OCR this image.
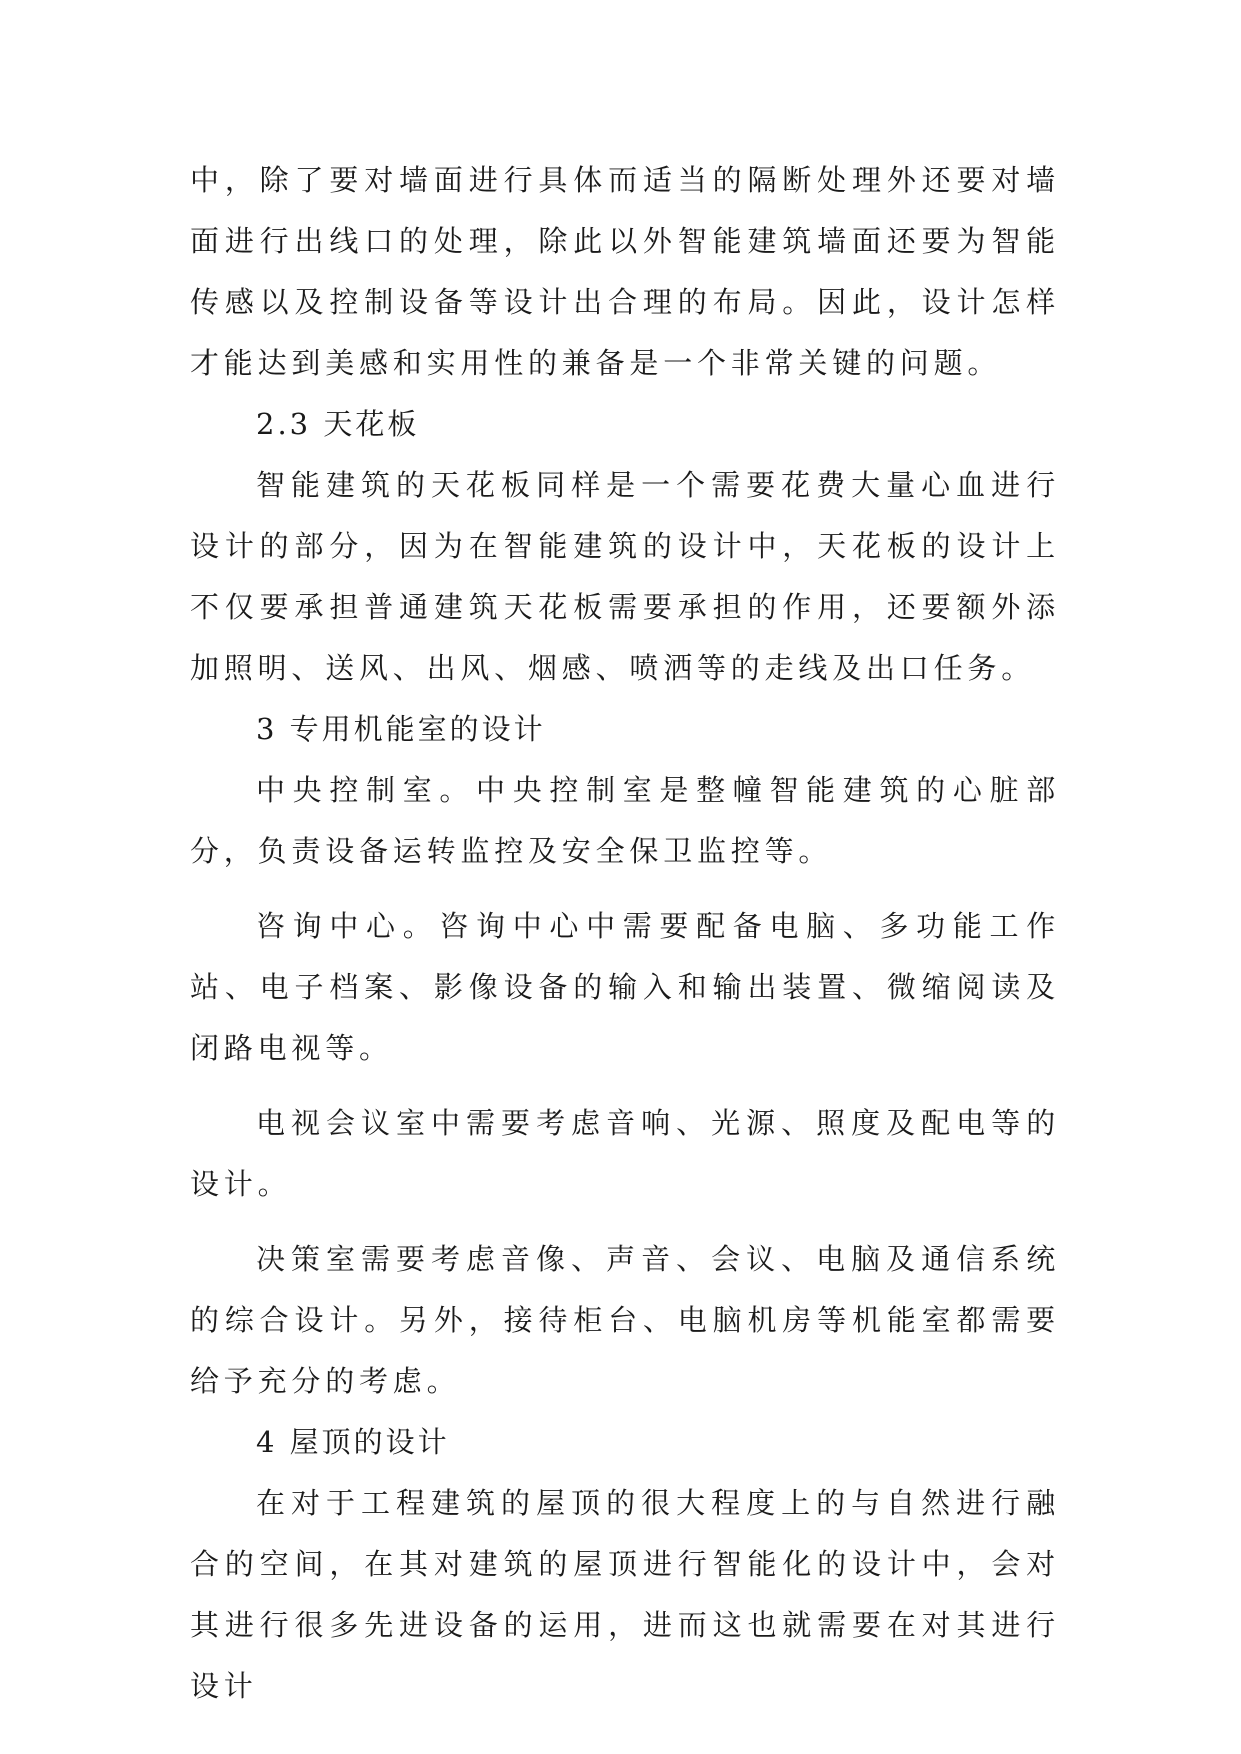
中，除了要对墙面进行具体而适当的隔断处理外还要对墙面进行出线口的处理，除此以外智能建筑墙面还要为智能传感以及控制设备等设计出合理的布局。因此，设计怎样才能达到美感和实用性的兼备是一个非常关键的问题。

2.3 天花板

智能建筑的天花板同样是一个需要花费大量心血进行设计的部分，因为在智能建筑的设计中，天花板的设计上不仅要承担普通建筑天花板需要承担的作用，还要额外添加照明、送风、出风、烟感、喷洒等的走线及出口任务。

3 专用机能室的设计

中央控制室。中央控制室是整幢智能建筑的心脏部分，负责设备运转监控及安全保卫监控等。

咨询中心。咨询中心中需要配备电脑、多功能工作站、电子档案、影像设备的输入和输出装置、微缩阅读及闭路电视等。

电视会议室中需要考虑音响、光源、照度及配电等的设计。

决策室需要考虑音像、声音、会议、电脑及通信系统的综合设计。另外，接待柜台、电脑机房等机能室都需要给予充分的考虑。

4 屋顶的设计

在对于工程建筑的屋顶的很大程度上的与自然进行融合的空间，在其对建筑的屋顶进行智能化的设计中，会对其进行很多先进设备的运用，进而这也就需要在对其进行设计
